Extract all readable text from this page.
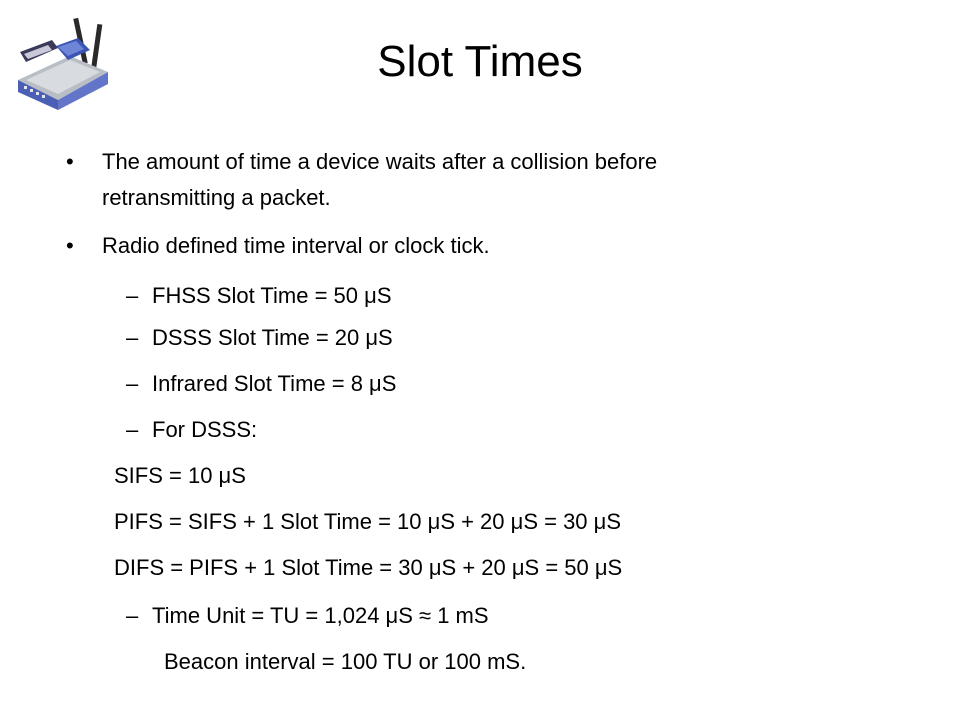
Slot Times
• The amount of time a device waits after a collision before
retransmitting a packet.
• Radio defined time interval or clock tick.
– FHSS Slot Time = 50 μS
– DSSS Slot Time = 20 μS
– Infrared Slot Time = 8 μS
– For DSSS:
SIFS = 10 μS
PIFS = SIFS + 1 Slot Time = 10 μS + 20 μS = 30 μS
DIFS = PIFS + 1 Slot Time = 30 μS + 20 μS = 50 μS
– Time Unit = TU = 1,024 μS ≈ 1 mS
Beacon interval = 100 TU or 100 mS.
